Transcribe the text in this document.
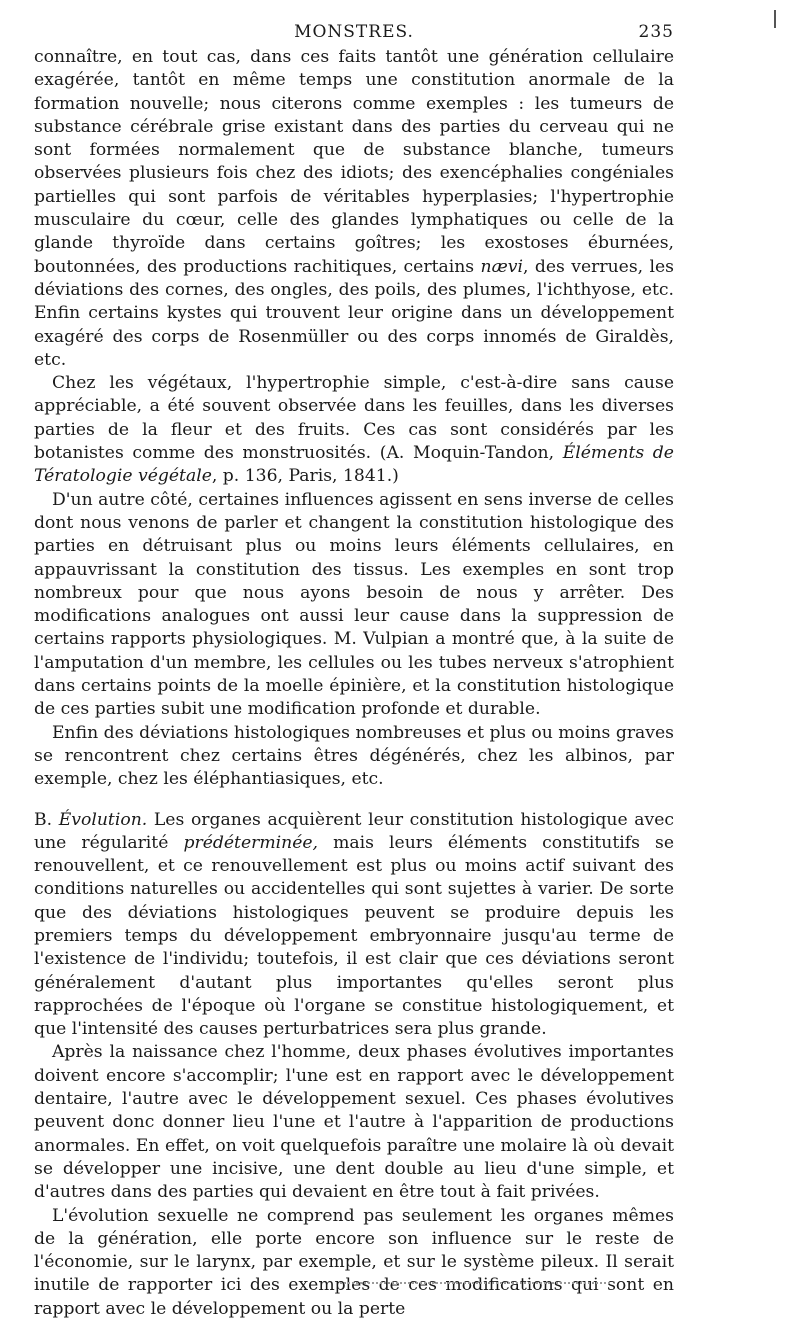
MONSTRES.	235

connaître, en tout cas, dans ces faits tantôt une génération cellulaire exagérée, tantôt en même temps une constitution anormale de la formation nouvelle; nous citerons comme exemples : les tumeurs de substance cérébrale grise existant dans des parties du cerveau qui ne sont formées normalement que de substance blanche, tumeurs observées plusieurs fois chez des idiots; des exencéphalies congéniales partielles qui sont parfois de véritables hyperplasies; l'hypertrophie musculaire du cœur, celle des glandes lymphatiques ou celle de la glande thyroïde dans certains goîtres; les exostoses éburnées, boutonnées, des productions rachitiques, certains nævi, des verrues, les déviations des cornes, des ongles, des poils, des plumes, l'ichthyose, etc. Enfin certains kystes qui trouvent leur origine dans un développement exagéré des corps de Rosenmüller ou des corps innomés de Giraldès, etc.

Chez les végétaux, l'hypertrophie simple, c'est-à-dire sans cause appréciable, a été souvent observée dans les feuilles, dans les diverses parties de la fleur et des fruits. Ces cas sont considérés par les botanistes comme des monstruosités. (A. Moquin-Tandon, Éléments de Tératologie végétale, p. 136, Paris, 1841.)

D'un autre côté, certaines influences agissent en sens inverse de celles dont nous venons de parler et changent la constitution histologique des parties en détruisant plus ou moins leurs éléments cellulaires, en appauvrissant la constitution des tissus. Les exemples en sont trop nombreux pour que nous ayons besoin de nous y arrêter. Des modifications analogues ont aussi leur cause dans la suppression de certains rapports physiologiques. M. Vulpian a montré que, à la suite de l'amputation d'un membre, les cellules ou les tubes nerveux s'atrophient dans certains points de la moelle épinière, et la constitution histologique de ces parties subit une modification profonde et durable.

Enfin des déviations histologiques nombreuses et plus ou moins graves se rencontrent chez certains êtres dégénérés, chez les albinos, par exemple, chez les éléphantiasiques, etc.

B. Évolution. Les organes acquièrent leur constitution histologique avec une régularité prédéterminée, mais leurs éléments constitutifs se renouvellent, et ce renouvellement est plus ou moins actif suivant des conditions naturelles ou accidentelles qui sont sujettes à varier. De sorte que des déviations histologiques peuvent se produire depuis les premiers temps du développement embryonnaire jusqu'au terme de l'existence de l'individu; toutefois, il est clair que ces déviations seront généralement d'autant plus importantes qu'elles seront plus rapprochées de l'époque où l'organe se constitue histologiquement, et que l'intensité des causes perturbatrices sera plus grande.

Après la naissance chez l'homme, deux phases évolutives importantes doivent encore s'accomplir; l'une est en rapport avec le développement dentaire, l'autre avec le développement sexuel. Ces phases évolutives peuvent donc donner lieu l'une et l'autre à l'apparition de productions anormales. En effet, on voit quelquefois paraître une molaire là où devait se développer une incisive, une dent double au lieu d'une simple, et d'autres dans des parties qui devaient en être tout à fait privées.

L'évolution sexuelle ne comprend pas seulement les organes mêmes de la génération, elle porte encore son influence sur le reste de l'économie, sur le larynx, par exemple, et sur le système pileux. Il serait inutile de rapporter ici des exemples de ces modifications qui sont en rapport avec le développement ou la perte
